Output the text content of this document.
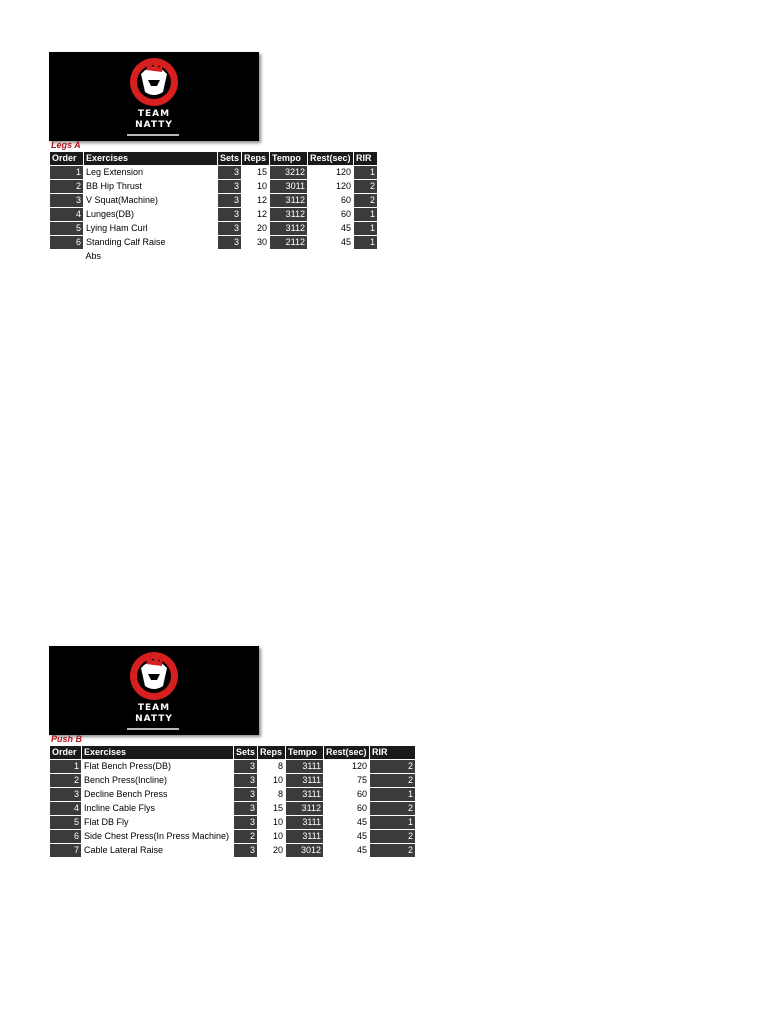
TEAM
NATTY
Legs A
Order	Exercises	Sets	Reps	Tempo	Rest(sec)	RIR
1	Leg Extension	3	15	3212	120	1
2	BB Hip Thrust	3	10	3011	120	2
3	V Squat(Machine)	3	12	3112	60	2
4	Lunges(DB)	3	12	3112	60	1
5	Lying Ham Curl	3	20	3112	45	1
6	Standing Calf Raise	3	30	2112	45	1
	Abs					
TEAM
NATTY
Push B
Order	Exercises	Sets	Reps	Tempo	Rest(sec)	RIR
1	Flat Bench Press(DB)	3	8	3111	120	2
2	Bench Press(Incline)	3	10	3111	75	2
3	Decline Bench Press	3	8	3111	60	1
4	Incline Cable Flys	3	15	3112	60	2
5	Flat DB Fly	3	10	3111	45	1
6	Side Chest Press(In Press Machine)	2	10	3111	45	2
7	Cable Lateral Raise	3	20	3012	45	2
